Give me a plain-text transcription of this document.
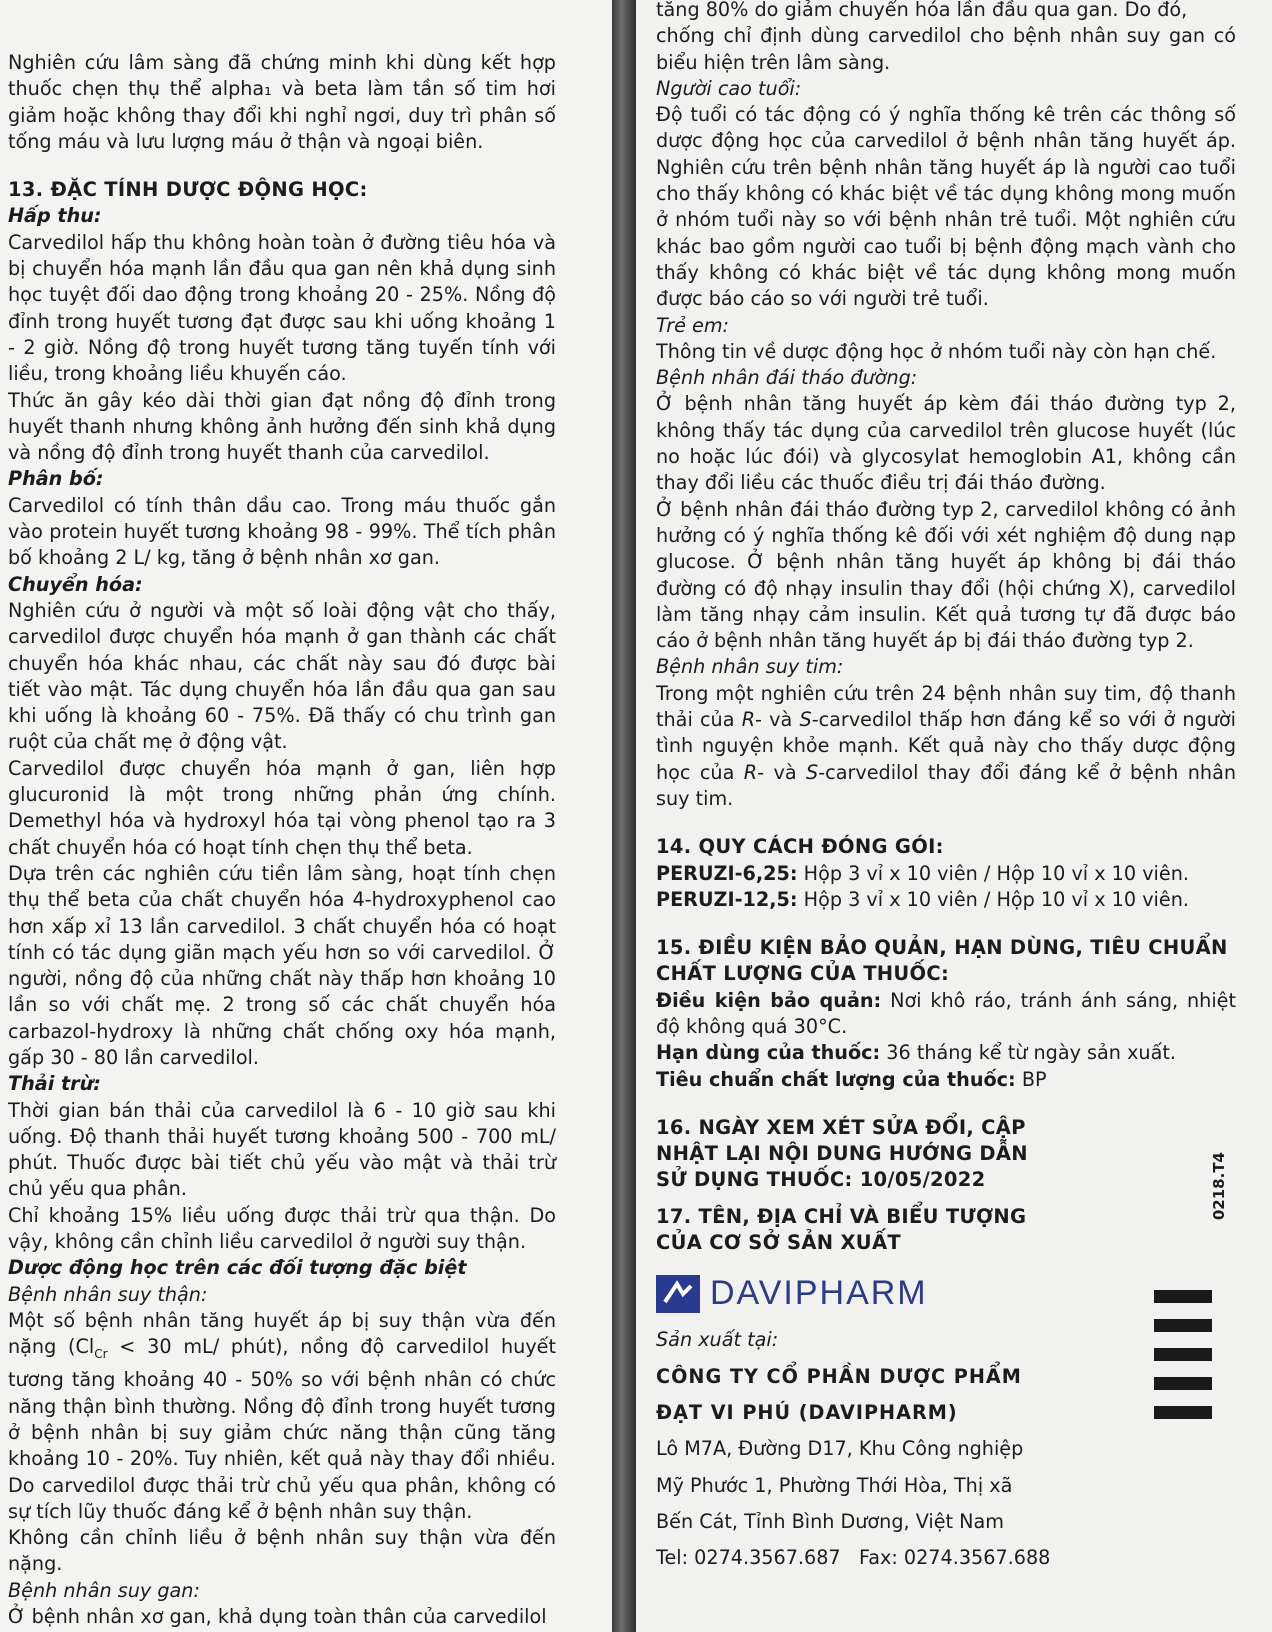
Nghiên cứu lâm sàng đã chứng minh khi dùng kết hợp thuốc chẹn thụ thể alpha₁ và beta làm tần số tim hơi giảm hoặc không thay đổi khi nghỉ ngơi, duy trì phân số tống máu và lưu lượng máu ở thận và ngoại biên.

13. ĐẶC TÍNH DƯỢC ĐỘNG HỌC:
Hấp thu:

Carvedilol hấp thu không hoàn toàn ở đường tiêu hóa và bị chuyển hóa mạnh lần đầu qua gan nên khả dụng sinh học tuyệt đối dao động trong khoảng 20 - 25%. Nồng độ đỉnh trong huyết tương đạt được sau khi uống khoảng 1 - 2 giờ. Nồng độ trong huyết tương tăng tuyến tính với liều, trong khoảng liều khuyến cáo.

Thức ăn gây kéo dài thời gian đạt nồng độ đỉnh trong huyết thanh nhưng không ảnh hưởng đến sinh khả dụng và nồng độ đỉnh trong huyết thanh của carvedilol.

Phân bố:

Carvedilol có tính thân dầu cao. Trong máu thuốc gắn vào protein huyết tương khoảng 98 - 99%. Thể tích phân bố khoảng 2 L/ kg, tăng ở bệnh nhân xơ gan.

Chuyển hóa:

Nghiên cứu ở người và một số loài động vật cho thấy, carvedilol được chuyển hóa mạnh ở gan thành các chất chuyển hóa khác nhau, các chất này sau đó được bài tiết vào mật. Tác dụng chuyển hóa lần đầu qua gan sau khi uống là khoảng 60 - 75%. Đã thấy có chu trình gan ruột của chất mẹ ở động vật.

Carvedilol được chuyển hóa mạnh ở gan, liên hợp glucuronid là một trong những phản ứng chính. Demethyl hóa và hydroxyl hóa tại vòng phenol tạo ra 3 chất chuyển hóa có hoạt tính chẹn thụ thể beta.

Dựa trên các nghiên cứu tiền lâm sàng, hoạt tính chẹn thụ thể beta của chất chuyển hóa 4-hydroxyphenol cao hơn xấp xỉ 13 lần carvedilol. 3 chất chuyển hóa có hoạt tính có tác dụng giãn mạch yếu hơn so với carvedilol. Ở người, nồng độ của những chất này thấp hơn khoảng 10 lần so với chất mẹ. 2 trong số các chất chuyển hóa carbazol-hydroxy là những chất chống oxy hóa mạnh, gấp 30 - 80 lần carvedilol.

Thải trừ:

Thời gian bán thải của carvedilol là 6 - 10 giờ sau khi uống. Độ thanh thải huyết tương khoảng 500 - 700 mL/ phút. Thuốc được bài tiết chủ yếu vào mật và thải trừ chủ yếu qua phân.

Chỉ khoảng 15% liều uống được thải trừ qua thận. Do vậy, không cần chỉnh liều carvedilol ở người suy thận.

Dược động học trên các đối tượng đặc biệt
Bệnh nhân suy thận:

Một số bệnh nhân tăng huyết áp bị suy thận vừa đến nặng ($Cl_{Cr} < 30$ mL/ phút), nồng độ carvedilol huyết tương tăng khoảng 40 - 50% so với bệnh nhân có chức năng thận bình thường. Nồng độ đỉnh trong huyết tương ở bệnh nhân bị suy giảm chức năng thận cũng tăng khoảng 10 - 20%. Tuy nhiên, kết quả này thay đổi nhiều. Do carvedilol được thải trừ chủ yếu qua phân, không có sự tích lũy thuốc đáng kể ở bệnh nhân suy thận.

Không cần chỉnh liều ở bệnh nhân suy thận vừa đến nặng.

Bệnh nhân suy gan:

Ở bệnh nhân xơ gan, khả dụng toàn thân của carvedilol

tăng 80% do giảm chuyển hóa lần đầu qua gan. Do đó,

chống chỉ định dùng carvedilol cho bệnh nhân suy gan có biểu hiện trên lâm sàng.

Người cao tuổi:

Độ tuổi có tác động có ý nghĩa thống kê trên các thông số dược động học của carvedilol ở bệnh nhân tăng huyết áp. Nghiên cứu trên bệnh nhân tăng huyết áp là người cao tuổi cho thấy không có khác biệt về tác dụng không mong muốn ở nhóm tuổi này so với bệnh nhân trẻ tuổi. Một nghiên cứu khác bao gồm người cao tuổi bị bệnh động mạch vành cho thấy không có khác biệt về tác dụng không mong muốn được báo cáo so với người trẻ tuổi.

Trẻ em:

Thông tin về dược động học ở nhóm tuổi này còn hạn chế.

Bệnh nhân đái tháo đường:

Ở bệnh nhân tăng huyết áp kèm đái tháo đường typ 2, không thấy tác dụng của carvedilol trên glucose huyết (lúc no hoặc lúc đói) và glycosylat hemoglobin A1, không cần thay đổi liều các thuốc điều trị đái tháo đường.

Ở bệnh nhân đái tháo đường typ 2, carvedilol không có ảnh hưởng có ý nghĩa thống kê đối với xét nghiệm độ dung nạp glucose. Ở bệnh nhân tăng huyết áp không bị đái tháo đường có độ nhạy insulin thay đổi (hội chứng X), carvedilol làm tăng nhạy cảm insulin. Kết quả tương tự đã được báo cáo ở bệnh nhân tăng huyết áp bị đái tháo đường typ 2.

Bệnh nhân suy tim:

Trong một nghiên cứu trên 24 bệnh nhân suy tim, độ thanh thải của R- và S-carvedilol thấp hơn đáng kể so với ở người tình nguyện khỏe mạnh. Kết quả này cho thấy dược động học của R- và S-carvedilol thay đổi đáng kể ở bệnh nhân suy tim.

14. QUY CÁCH ĐÓNG GÓI:
PERUZI-6,25: Hộp 3 vỉ x 10 viên / Hộp 10 vỉ x 10 viên.
PERUZI-12,5: Hộp 3 vỉ x 10 viên / Hộp 10 vỉ x 10 viên.
15. ĐIỀU KIỆN BẢO QUẢN, HẠN DÙNG, TIÊU CHUẨN CHẤT LƯỢNG CỦA THUỐC:

Điều kiện bảo quản: Nơi khô ráo, tránh ánh sáng, nhiệt độ không quá 30°C.

Hạn dùng của thuốc: 36 tháng kể từ ngày sản xuất.
Tiêu chuẩn chất lượng của thuốc: BP
16. NGÀY XEM XÉT SỬA ĐỔI, CẬP NHẬT LẠI NỘI DUNG HƯỚNG DẪN SỬ DỤNG THUỐC: 10/05/2022
17. TÊN, ĐỊA CHỈ VÀ BIỂU TƯỢNG CỦA CƠ SỞ SẢN XUẤT
DAVIPHARM
Sản xuất tại:
CÔNG TY CỔ PHẦN DƯỢC PHẨM
ĐẠT VI PHÚ (DAVIPHARM)
Lô M7A, Đường D17, Khu Công nghiệp
Mỹ Phước 1, Phường Thới Hòa, Thị xã
Bến Cát, Tỉnh Bình Dương, Việt Nam
Tel: 0274.3567.687   Fax: 0274.3567.688
0218.T4
